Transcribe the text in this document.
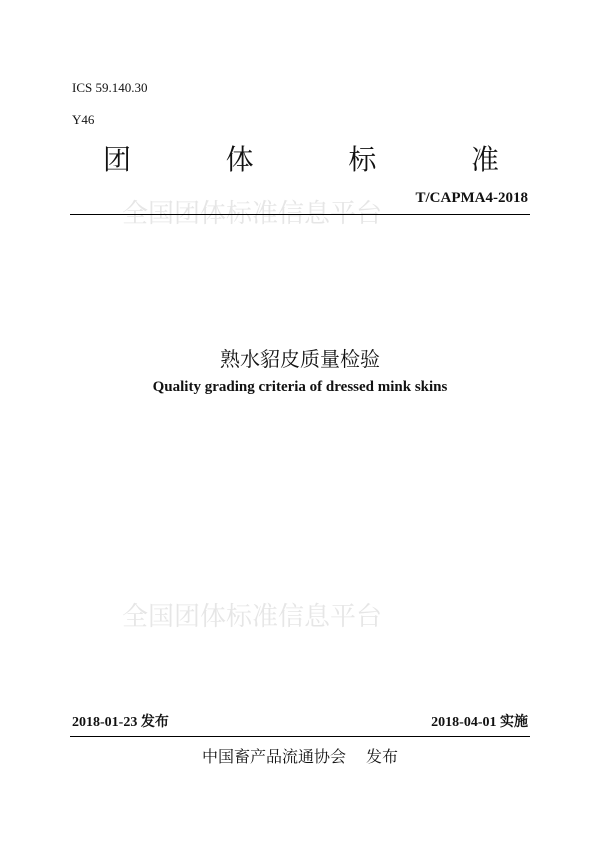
ICS 59.140.30
Y46
团	体	标	准
全国团体标准信息平台
T/CAPMA4-2018
熟水貂皮质量检验
Quality grading criteria of dressed mink skins
全国团体标准信息平台
2018-01-23 发布	2018-04-01 实施
中国畜产品流通协会 发布
